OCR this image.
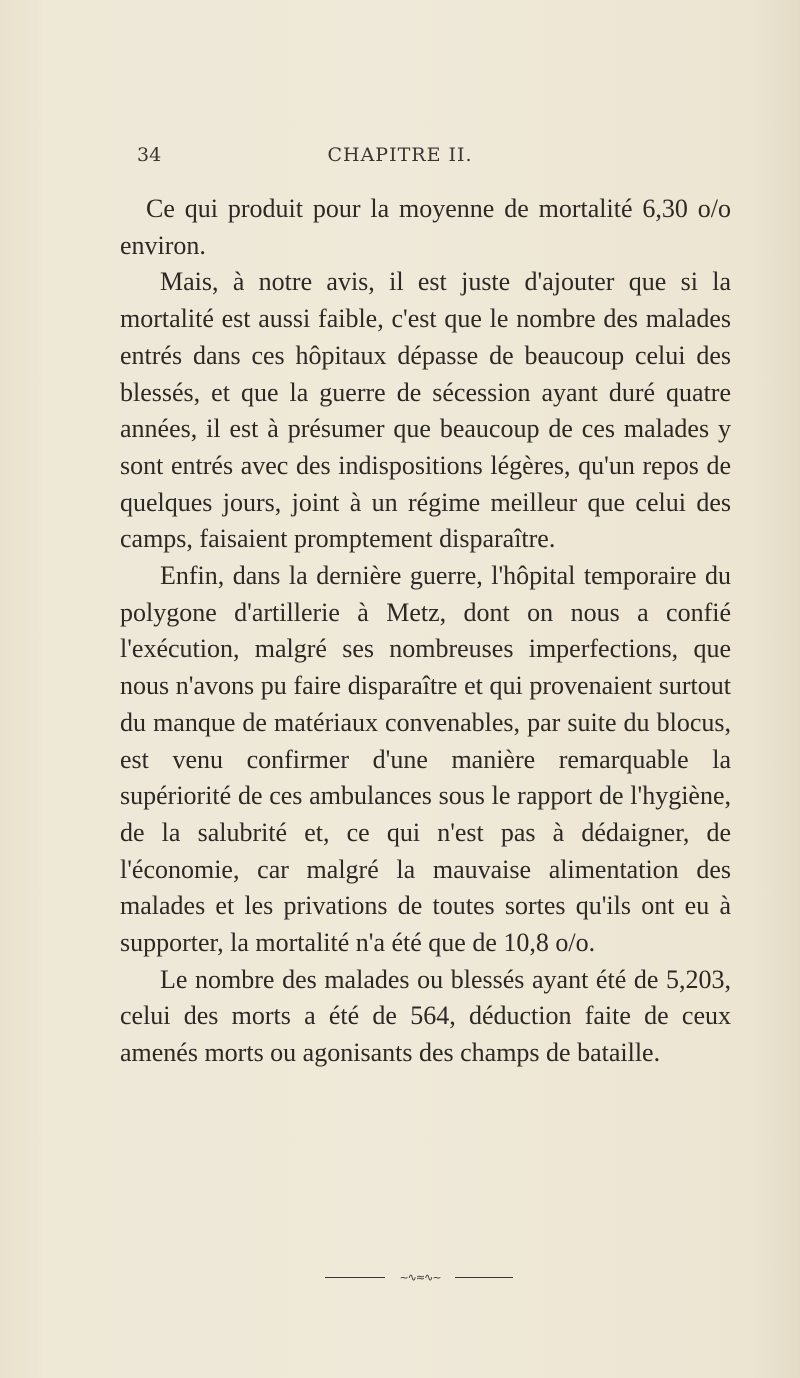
34	CHAPITRE II.

Ce qui produit pour la moyenne de mortalité 6,30 o/o environ.

Mais, à notre avis, il est juste d'ajouter que si la mortalité est aussi faible, c'est que le nombre des malades entrés dans ces hôpitaux dépasse de beaucoup celui des blessés, et que la guerre de sécession ayant duré quatre années, il est à présumer que beaucoup de ces malades y sont entrés avec des indispositions légères, qu'un repos de quelques jours, joint à un régime meilleur que celui des camps, faisaient promptement disparaître.

Enfin, dans la dernière guerre, l'hôpital temporaire du polygone d'artillerie à Metz, dont on nous a confié l'exécution, malgré ses nombreuses imperfections, que nous n'avons pu faire disparaître et qui provenaient surtout du manque de matériaux convenables, par suite du blocus, est venu confirmer d'une manière remarquable la supériorité de ces ambulances sous le rapport de l'hygiène, de la salubrité et, ce qui n'est pas à dédaigner, de l'économie, car malgré la mauvaise alimentation des malades et les privations de toutes sortes qu'ils ont eu à supporter, la mortalité n'a été que de 10,8 o/o.

Le nombre des malades ou blessés ayant été de 5,203, celui des morts a été de 564, déduction faite de ceux amenés morts ou agonisants des champs de bataille.

~∿≈∿~
